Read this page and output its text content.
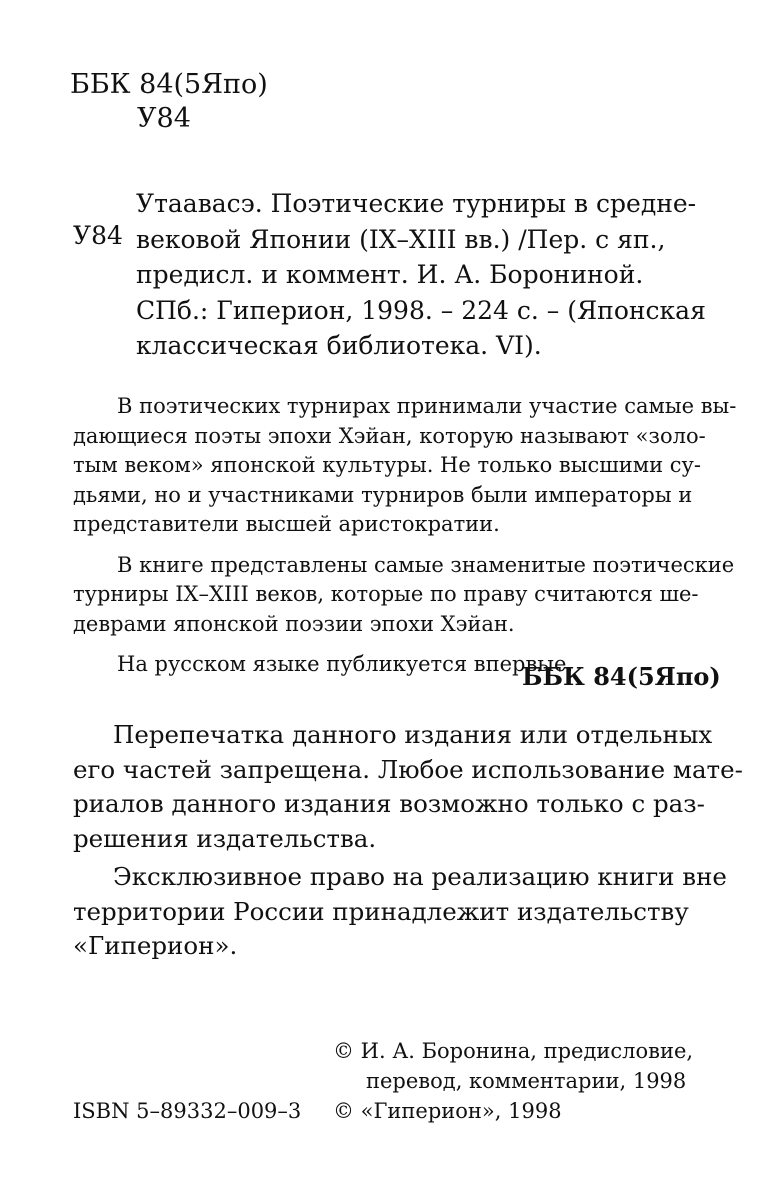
ББК 84(5Япо)
У84
У84
Утаавасэ. Поэтические турниры в средне-
вековой Японии (IX–XIII вв.) /Пер. с яп.,
предисл. и коммент. И. А. Борониной.
СПб.: Гиперион, 1998. – 224 с. – (Японская
классическая библиотека. VI).
В поэтических турнирах принимали участие самые вы-
дающиеся поэты эпохи Хэйан, которую называют «золо-
тым веком» японской культуры. Не только высшими су-
дьями, но и участниками турниров были императоры и
представители высшей аристократии.
В книге представлены самые знаменитые поэтические
турниры IX–XIII веков, которые по праву считаются ше-
деврами японской поэзии эпохи Хэйан.
На русском языке публикуется впервые.
ББК 84(5Япо)
Перепечатка данного издания или отдельных
его частей запрещена. Любое использование мате-
риалов данного издания возможно только с раз-
решения издательства.
Эксклюзивное право на реализацию книги вне
территории России принадлежит издательству
«Гиперион».
© И. А. Боронина, предисловие,
перевод, комментарии, 1998
ISBN 5–89332–009–3 © «Гиперион», 1998
